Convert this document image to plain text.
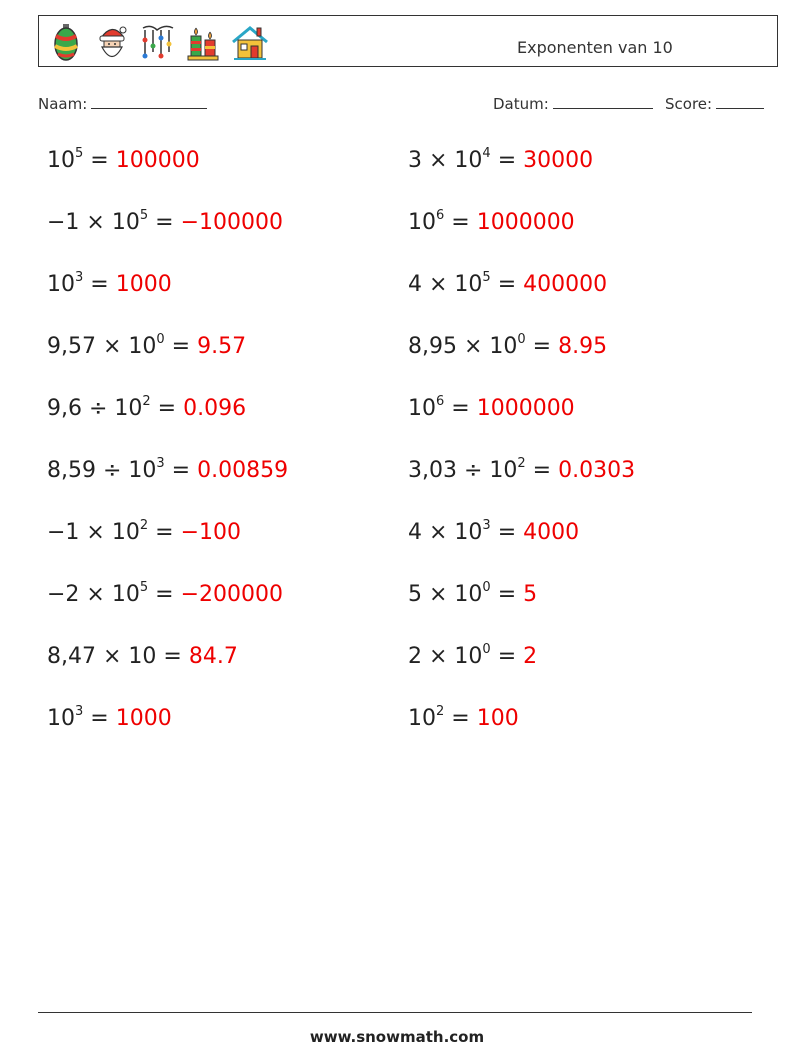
Exponenten van 10
Naam:	Datum:	Score:
$10^5 = 100000$	$3 \times 10^4 = 30000$
$-1 \times 10^5 = -100000$	$10^6 = 1000000$
$10^3 = 1000$	$4 \times 10^5 = 400000$
$9,57 \times 10^0 = 9.57$	$8,95 \times 10^0 = 8.95$
$9,6 \div 10^2 = 0.096$	$10^6 = 1000000$
$8,59 \div 10^3 = 0.00859$	$3,03 \div 10^2 = 0.0303$
$-1 \times 10^2 = -100$	$4 \times 10^3 = 4000$
$-2 \times 10^5 = -200000$	$5 \times 10^0 = 5$
8,47 × 10 = 84.7	$2 \times 10^0 = 2$
$10^3 = 1000$	$10^2 = 100$
www.snowmath.com
